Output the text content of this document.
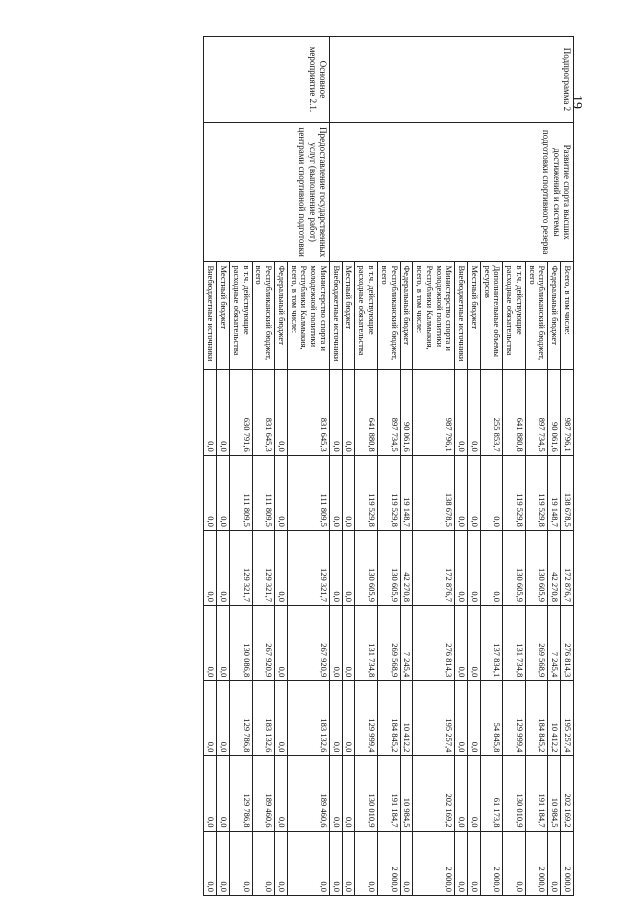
19
Подпрограмма 2	Развитие спорта высших достижений и системы подготовки спортивного резерва	Всего, в том числе:	987 796,1	138 678,5	172 876,7	276 814,3	195 257,4	202 169,2	2 000,0
		Федеральный бюджет	90 061,6	19 148,7	42 270,8	7 245,4	10 412,2	10 984,5	0,0
		Республиканский бюджет, всего	897 734,5	119 529,8	130 605,9	269 568,9	184 845,2	191 184,7	2 000,0
		в т.ч. действующие расходные обязательства	641 880,8	119 529,8	130 605,9	131 734,8	129 999,4	130 010,9	0,0
		Дополнительные объемы ресурсов	255 853,7	0,0	0,0	137 834,1	54 845,8	61 173,8	2 000,0
		Местный бюджет	0,0	0,0	0,0	0,0	0,0	0,0	0,0
		Внебюджетные источники	0,0	0,0	0,0	0,0	0,0	0,0	0,0
		Министерство спорта и молодежной политики Республики Калмыкия, всего, в том числе:	987 796,1	138 678,5	172 876,7	276 814,3	195 257,4	202 169,2	2 000,0
		Федеральный бюджет	90 061,6	19 148,7	42 270,8	7 245,4	10 412,2	10 984,5	0,0
		Республиканский бюджет, всего	897 734,5	119 529,8	130 605,9	269 568,9	184 845,2	191 184,7	2 000,0
		в т.ч. действующие расходные обязательства	641 880,8	119 529,8	130 605,9	131 734,8	129 999,4	130 010,9	0,0
		Местный бюджет	0,0	0,0	0,0	0,0	0,0	0,0	0,0
		Внебюджетные источники	0,0	0,0	0,0	0,0	0,0	0,0	0,0
Основное мероприятие 2.1.	Предоставление государственных услуг (выполнение работ) центрами спортивной подготовки	Министерство спорта и молодежной политики Республики Калмыкия, всего, в том числе:	831 645,3	111 809,5	129 321,7	267 920,9	183 132,6	189 460,6	0,0
		Федеральный бюджет	0,0	0,0	0,0	0,0	0,0	0,0	0,0
		Республиканский бюджет, всего	831 645,3	111 809,5	129 321,7	267 920,9	183 132,6	189 460,6	0,0
		в т.ч. действующие расходные обязательства	630 791,6	111 809,5	129 321,7	130 086,8	129 786,8	129 786,8	0,0
		Местный бюджет	0,0	0,0	0,0	0,0	0,0	0,0	0,0
		Внебюджетные источники	0,0	0,0	0,0	0,0	0,0	0,0	0,0
